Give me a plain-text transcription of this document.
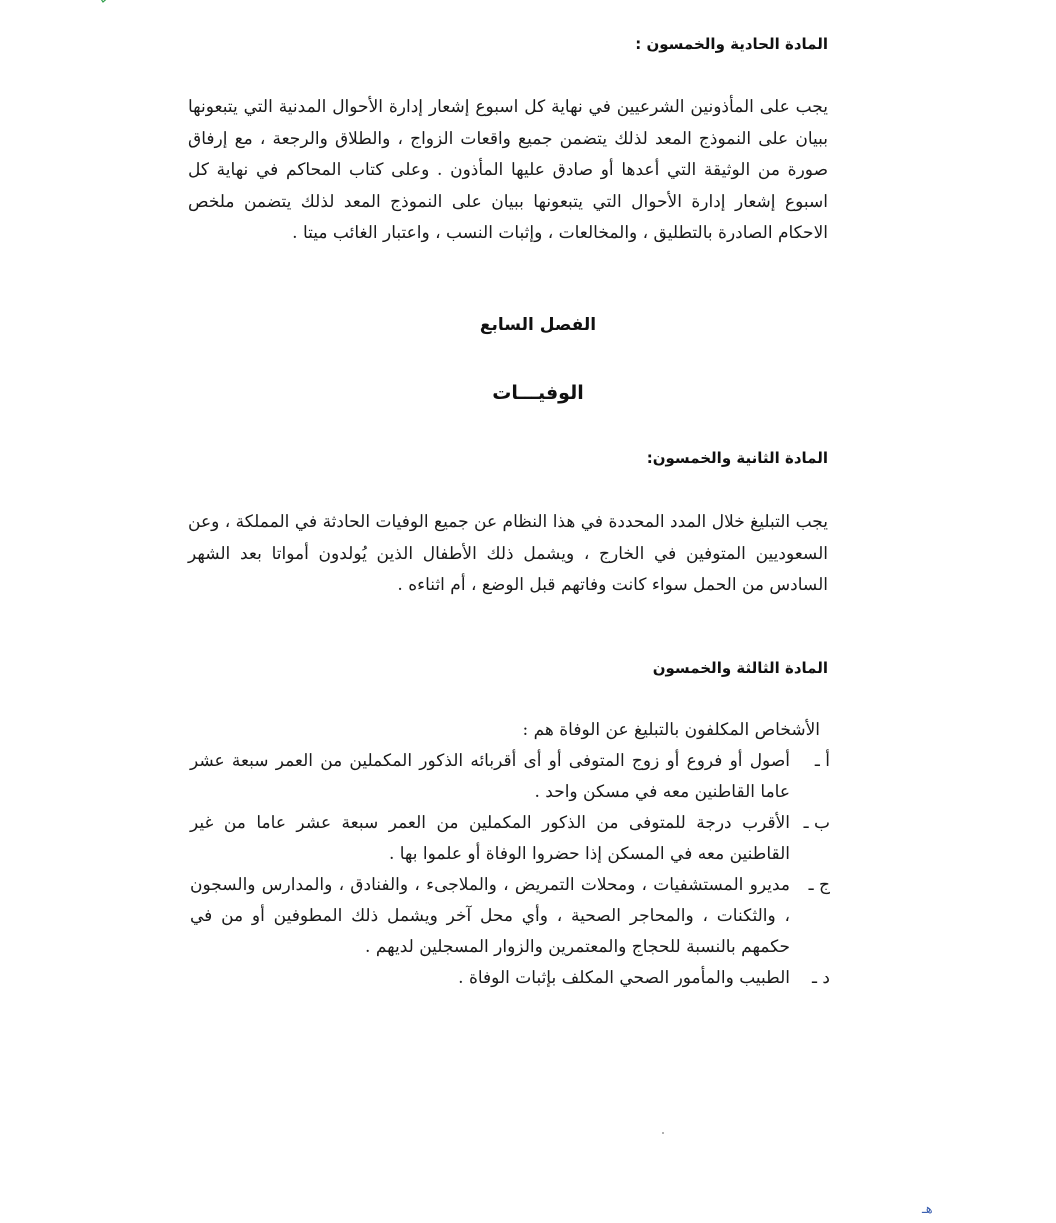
المادة الحادية والخمسون :
يجب على المأذونين الشرعيين في نهاية كل اسبوع إشعار إدارة الأحوال المدنية التي يتبعونها ببيان على النموذج المعد لذلك يتضمن جميع واقعات الزواج ، والطلاق والرجعة ، مع إرفاق صورة من الوثيقة التي أعدها أو صادق عليها المأذون . وعلى كتاب المحاكم في نهاية كل اسبوع إشعار إدارة الأحوال التي يتبعونها ببيان على النموذج المعد لذلك يتضمن ملخص الاحكام الصادرة بالتطليق ، والمخالعات ، وإثبات النسب ، واعتبار الغائب ميتا .
الفصل السابع
الوفيـــات
المادة الثانية والخمسون:
يجب التبليغ خلال المدد المحددة في هذا النظام عن جميع الوفيات الحادثة في المملكة ، وعن السعوديين المتوفين في الخارج ، ويشمل ذلك الأطفال الذين يُولدون أمواتا بعد الشهر السادس من الحمل سواء كانت وفاتهم قبل الوضع ، أم اثناءه .
المادة الثالثة والخمسون
الأشخاص المكلفون بالتبليغ عن الوفاة هم :
أ ـ
أصول أو فروع أو زوج المتوفى أو أى أقربائه الذكور المكملين من العمر سبعة عشر عاما القاطنين معه في مسكن واحد .
ب ـ
الأقرب درجة للمتوفى من الذكور المكملين من العمر سبعة عشر عاما من غير القاطنين معه في المسكن إذا حضروا الوفاة أو علموا بها .
ج ـ
مديرو المستشفيات ، ومحلات التمريض ، والملاجىء ، والفنادق ، والمدارس والسجون ، والثكنات ، والمحاجر الصحية ، وأي محل آخر ويشمل ذلك المطوفين أو من في حكمهم بالنسبة للحجاج والمعتمرين والزوار المسجلين لديهم .
د ـ
الطبيب والمأمور الصحي المكلف بإثبات الوفاة .
هـ
